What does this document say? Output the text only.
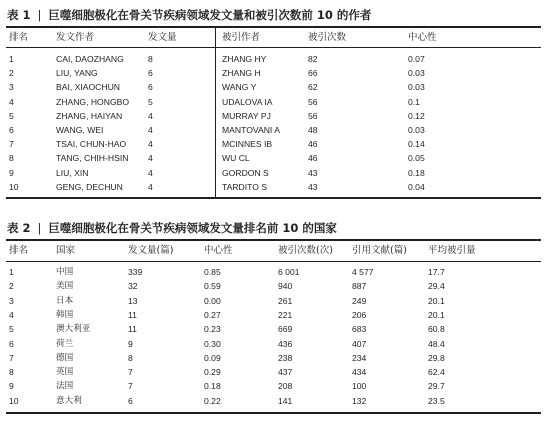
表 1 | 巨噬细胞极化在骨关节疾病领域发文量和被引次数前 10 的作者
排名	发文作者	发文量	被引作者	被引次数	中心性
1	CAI, DAOZHANG	8	ZHANG HY	82	0.07
2	LIU, YANG	6	ZHANG H	66	0.03
3	BAI, XIAOCHUN	6	WANG Y	62	0.03
4	ZHANG, HONGBO 5	UDALOVA IA	56	0.1
5	ZHANG, HAIYAN	4	MURRAY PJ	56	0.12
6	WANG, WEI	4	MANTOVANI A	48	0.03
7	TSAI, CHUN-HAO	4	MCINNES IB	46	0.14
8	TANG, CHIH-HSIN 4	WU CL	46	0.05
9	LIU, XIN	4	GORDON S	43	0.18
10	GENG, DECHUN	4	TARDITO S	43	0.04
表 2 | 巨噬细胞极化在骨关节疾病领域发文量排名前 10 的国家
排名	国家	发文量(篇)	中心性	被引次数(次) 引用文献(篇) 平均被引量
1	中国	339	0.85	6 001	4 577	17.7
2	美国	32	0.59	940	887	29.4
3	日本	13	0.00	261	249	20.1
4	韩国	11	0.27	221	206	20.1
5	澳大利亚	11	0.23	669	683	60.8
6	荷兰	9	0.30	436	407	48.4
7	德国	8	0.09	238	234	29.8
8	英国	7	0.29	437	434	62.4
9	法国	7	0.18	208	100	29.7
10	意大利	6	0.22	141	132	23.5
